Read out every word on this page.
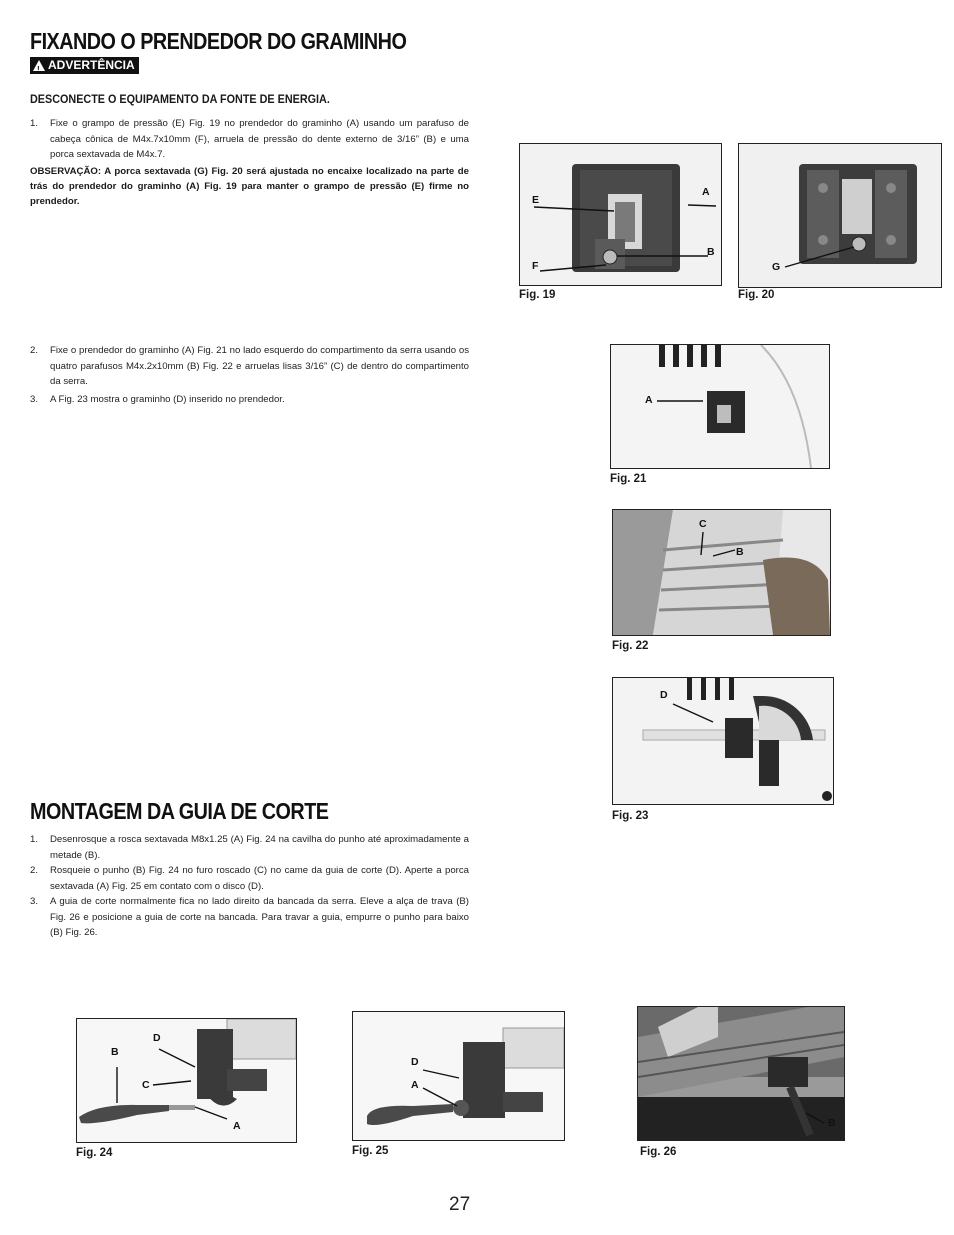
FIXANDO O PRENDEDOR DO GRAMINHO
!
ADVERTÊNCIA
DESCONECTE O EQUIPAMENTO DA FONTE DE ENERGIA.
1.	Fixe o grampo de pressão (E) Fig. 19 no prendedor do graminho (A) usando um parafuso de cabeça cônica de M4x.7x10mm (F), arruela de pressão do dente externo de 3/16” (B) e uma porca sextavada de M4x.7.
OBSERVAÇÃO: A porca sextavada (G) Fig. 20 será ajustada no encaixe localizado na parte de trás do prendedor do graminho (A) Fig. 19 para manter o grampo de pressão (E) firme no prendedor.
2.	Fixe o prendedor do graminho (A) Fig. 21 no lado esquerdo do compartimento da serra usando os quatro parafusos M4x.2x10mm (B) Fig. 22 e arruelas lisas 3/16” (C) de dentro do compartimento da serra.
3.	A Fig. 23 mostra o graminho (D) inserido no prendedor.
MONTAGEM DA GUIA DE CORTE
1.	Desenrosque a rosca sextavada M8x1.25 (A) Fig. 24 na cavilha do punho até aproximadamente a metade (B).
2.	Rosqueie o punho (B) Fig. 24 no furo roscado (C) no came da guia de corte (D). Aperte a porca sextavada (A) Fig. 25 em contato com o disco (D).
3.	A guia de corte normalmente fica no lado direito da bancada da serra. Eleve a alça de trava (B) Fig. 26 e posicione a guia de corte na bancada. Para travar a guia, empurre o punho para baixo (B) Fig. 26.
E
A
B
F
Fig. 19
G
Fig. 20
A
Fig. 21
C
B
Fig. 22
D
Fig. 23
D
B
C
A
Fig. 24
D
A
Fig. 25
B
Fig. 26
27
